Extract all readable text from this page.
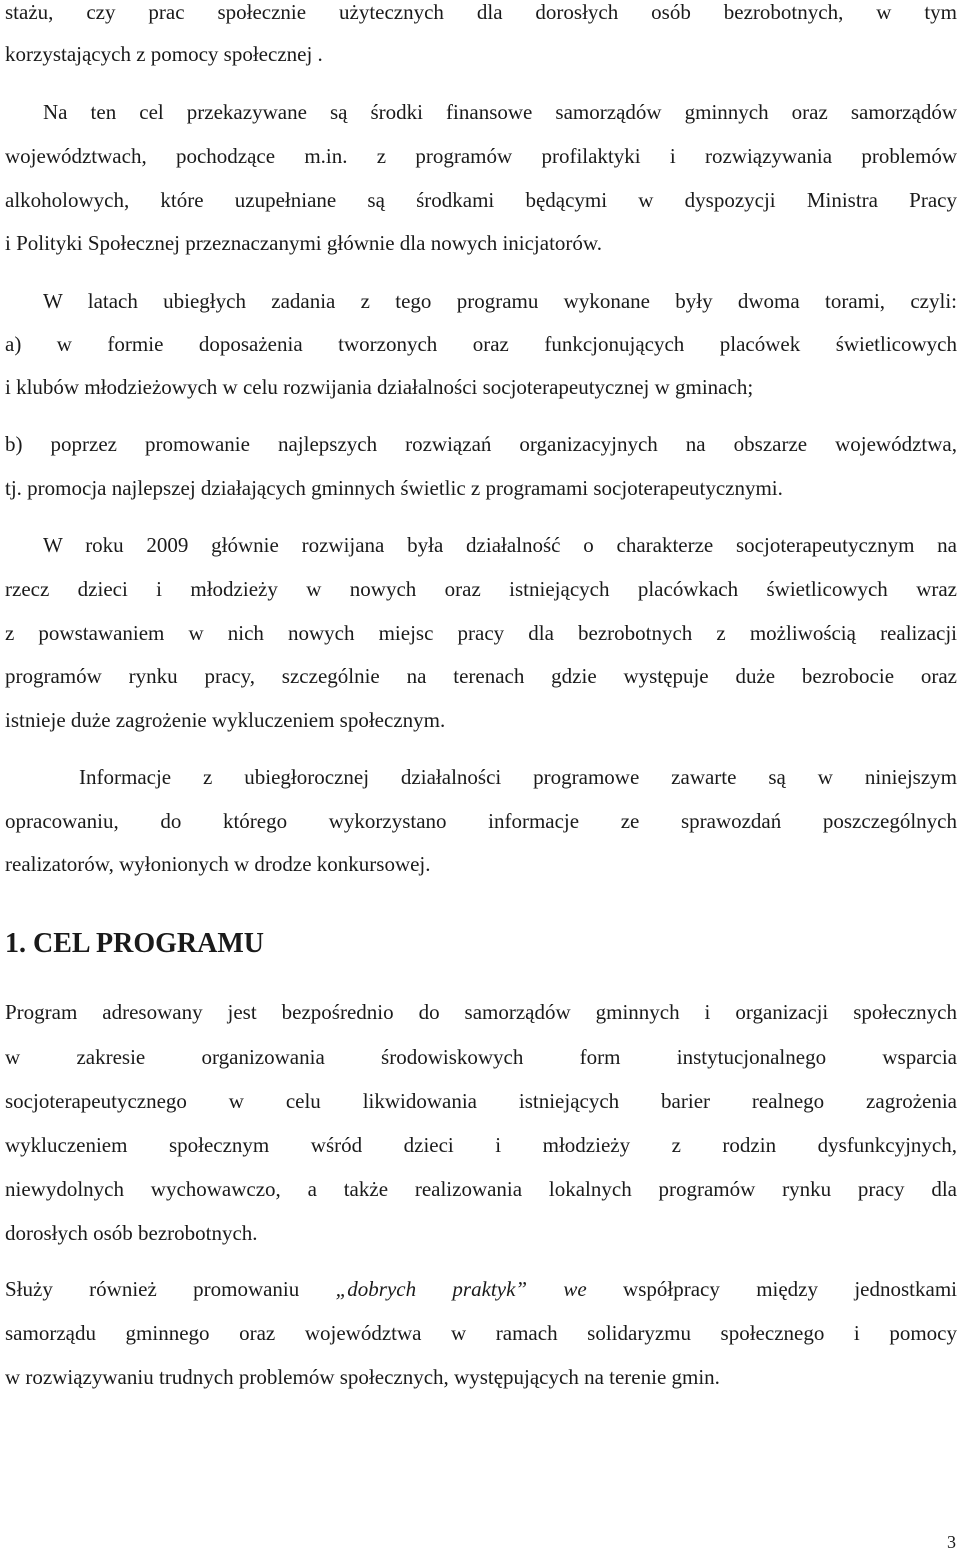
stażu, czy prac społecznie użytecznych dla dorosłych osób bezrobotnych, w tym
korzystających z pomocy społecznej .
Na ten cel przekazywane są środki finansowe samorządów gminnych oraz samorządów
województwach, pochodzące m.in. z programów profilaktyki i rozwiązywania problemów
alkoholowych, które uzupełniane są środkami będącymi w dyspozycji Ministra Pracy
i Polityki Społecznej przeznaczanymi głównie dla nowych inicjatorów.
W latach ubiegłych zadania z tego programu wykonane były dwoma torami, czyli:
a) w formie doposażenia tworzonych oraz funkcjonujących placówek świetlicowych
i klubów młodzieżowych w celu rozwijania działalności socjoterapeutycznej w gminach;
b) poprzez promowanie najlepszych rozwiązań organizacyjnych na obszarze województwa,
tj. promocja najlepszej działających gminnych świetlic z programami socjoterapeutycznymi.
W roku 2009 głównie rozwijana była działalność o charakterze socjoterapeutycznym na
rzecz dzieci i młodzieży w nowych oraz istniejących placówkach świetlicowych wraz
z powstawaniem w nich nowych miejsc pracy dla bezrobotnych z możliwością realizacji
programów rynku pracy, szczególnie na terenach gdzie występuje duże bezrobocie oraz
istnieje duże zagrożenie wykluczeniem społecznym.
Informacje z ubiegłorocznej działalności programowe zawarte są w niniejszym
opracowaniu, do którego wykorzystano informacje ze sprawozdań poszczególnych
realizatorów, wyłonionych w drodze konkursowej.
1. CEL PROGRAMU
Program adresowany jest bezpośrednio do samorządów gminnych i organizacji społecznych
w zakresie organizowania środowiskowych form instytucjonalnego wsparcia
socjoterapeutycznego w celu likwidowania istniejących barier realnego zagrożenia
wykluczeniem społecznym wśród dzieci i młodzieży z rodzin dysfunkcyjnych,
niewydolnych wychowawczo, a także realizowania lokalnych programów rynku pracy dla
dorosłych osób bezrobotnych.
Służy również promowaniu „dobrych praktyk” we współpracy między jednostkami
samorządu gminnego oraz województwa w ramach solidaryzmu społecznego i pomocy
w rozwiązywaniu trudnych problemów społecznych, występujących na terenie gmin.
3
